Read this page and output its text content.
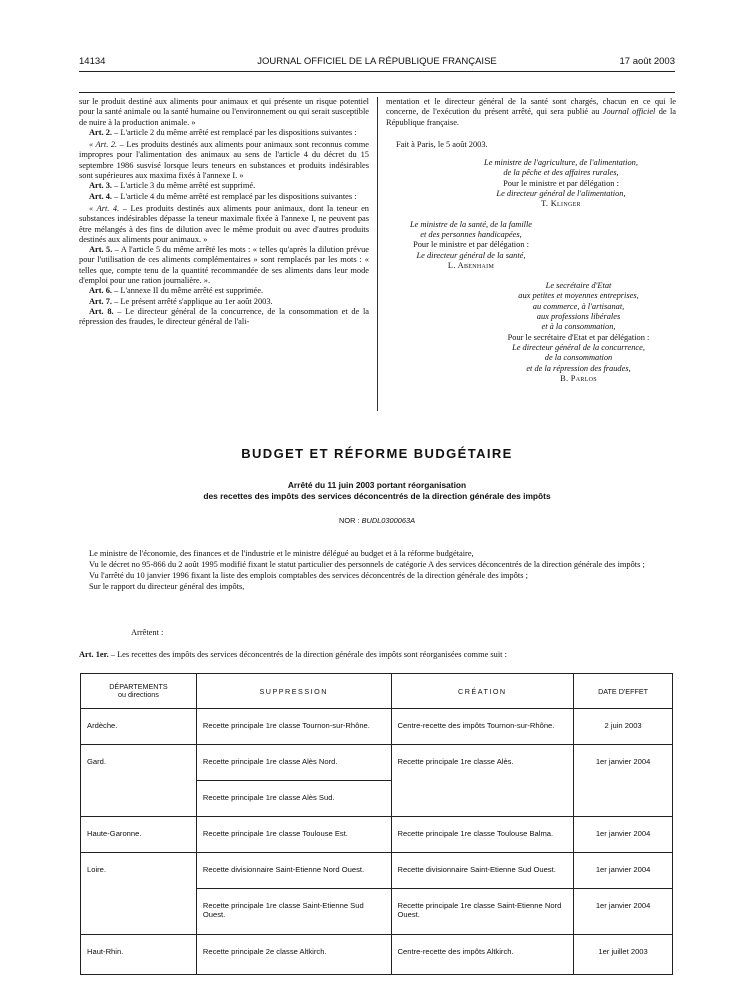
14134	JOURNAL OFFICIEL DE LA RÉPUBLIQUE FRANÇAISE	17 août 2003

sur le produit destiné aux aliments pour animaux et qui présente un risque potentiel pour la santé animale ou la santé humaine ou l'environnement ou qui serait susceptible de nuire à la production animale. »

Art. 2. – L'article 2 du même arrêté est remplacé par les dispositions suivantes :

« Art. 2. – Les produits destinés aux aliments pour animaux sont reconnus comme impropres pour l'alimentation des animaux au sens de l'article 4 du décret du 15 septembre 1986 susvisé lorsque leurs teneurs en substances et produits indésirables sont supérieures aux maxima fixés à l'annexe I. »

Art. 3. – L'article 3 du même arrêté est supprimé.

Art. 4. – L'article 4 du même arrêté est remplacé par les dispositions suivantes :

« Art. 4. – Les produits destinés aux aliments pour animaux, dont la teneur en substances indésirables dépasse la teneur maximale fixée à l'annexe I, ne peuvent pas être mélangés à des fins de dilution avec le même produit ou avec d'autres produits destinés aux aliments pour animaux. »

Art. 5. – A l'article 5 du même arrêté les mots : « telles qu'après la dilution prévue pour l'utilisation de ces aliments complémentaires » sont remplacés par les mots : « telles que, compte tenu de la quantité recommandée de ses aliments dans leur mode d'emploi pour une ration journalière. ».

Art. 6. – L'annexe II du même arrêté est supprimée.

Art. 7. – Le présent arrêté s'applique au 1er août 2003.

Art. 8. – Le directeur général de la concurrence, de la consommation et de la répression des fraudes, le directeur général de l'ali-

mentation et le directeur général de la santé sont chargés, chacun en ce qui le concerne, de l'exécution du présent arrêté, qui sera publié au Journal officiel de la République française.

Fait à Paris, le 5 août 2003.

Le ministre de l'agriculture, de l'alimentation,
de la pêche et des affaires rurales,
Pour le ministre et par délégation :
Le directeur général de l'alimentation,
T. Klinger
Le ministre de la santé, de la famille
et des personnes handicapées,
Pour le ministre et par délégation :
Le directeur général de la santé,
L. Abenhaim
Le secrétaire d'Etat
aux petites et moyennes entreprises,
au commerce, à l'artisanat,
aux professions libérales
et à la consommation,
Pour le secrétaire d'Etat et par délégation :
Le directeur général de la concurrence,
de la consommation
et de la répression des fraudes,
B. Parlos
BUDGET ET RÉFORME BUDGÉTAIRE
Arrêté du 11 juin 2003 portant réorganisation
des recettes des impôts des services déconcentrés de la direction générale des impôts
NOR : BUDL0300063A

Le ministre de l'économie, des finances et de l'industrie et le ministre délégué au budget et à la réforme budgétaire,

Vu le décret no 95-866 du 2 août 1995 modifié fixant le statut particulier des personnels de catégorie A des services déconcentrés de la direction générale des impôts ;

Vu l'arrêté du 10 janvier 1996 fixant la liste des emplois comptables des services déconcentrés de la direction générale des impôts ;

Sur le rapport du directeur général des impôts,

Arrêtent :

Art. 1er. – Les recettes des impôts des services déconcentrés de la direction générale des impôts sont réorganisées comme suit :

DÉPARTEMENTS
ou directions	SUPPRESSION	CRÉATION	DATE D'EFFET
Ardèche.	Recette principale 1re classe Tournon-sur-Rhône.	Centre-recette des impôts Tournon-sur-Rhône.	2 juin 2003
Gard.	Recette principale 1re classe Alès Nord.	Recette principale 1re classe Alès.	1er janvier 2004
	Recette principale 1re classe Alès Sud.		
Haute-Garonne.	Recette principale 1re classe Toulouse Est.	Recette principale 1re classe Toulouse Balma.	1er janvier 2004
Loire.	Recette divisionnaire Saint-Etienne Nord Ouest.	Recette divisionnaire Saint-Etienne Sud Ouest.	1er janvier 2004
	Recette principale 1re classe Saint-Etienne Sud Ouest.	Recette principale 1re classe Saint-Etienne Nord Ouest.	1er janvier 2004
Haut-Rhin.	Recette principale 2e classe Altkirch.	Centre-recette des impôts Altkirch.	1er juillet 2003
